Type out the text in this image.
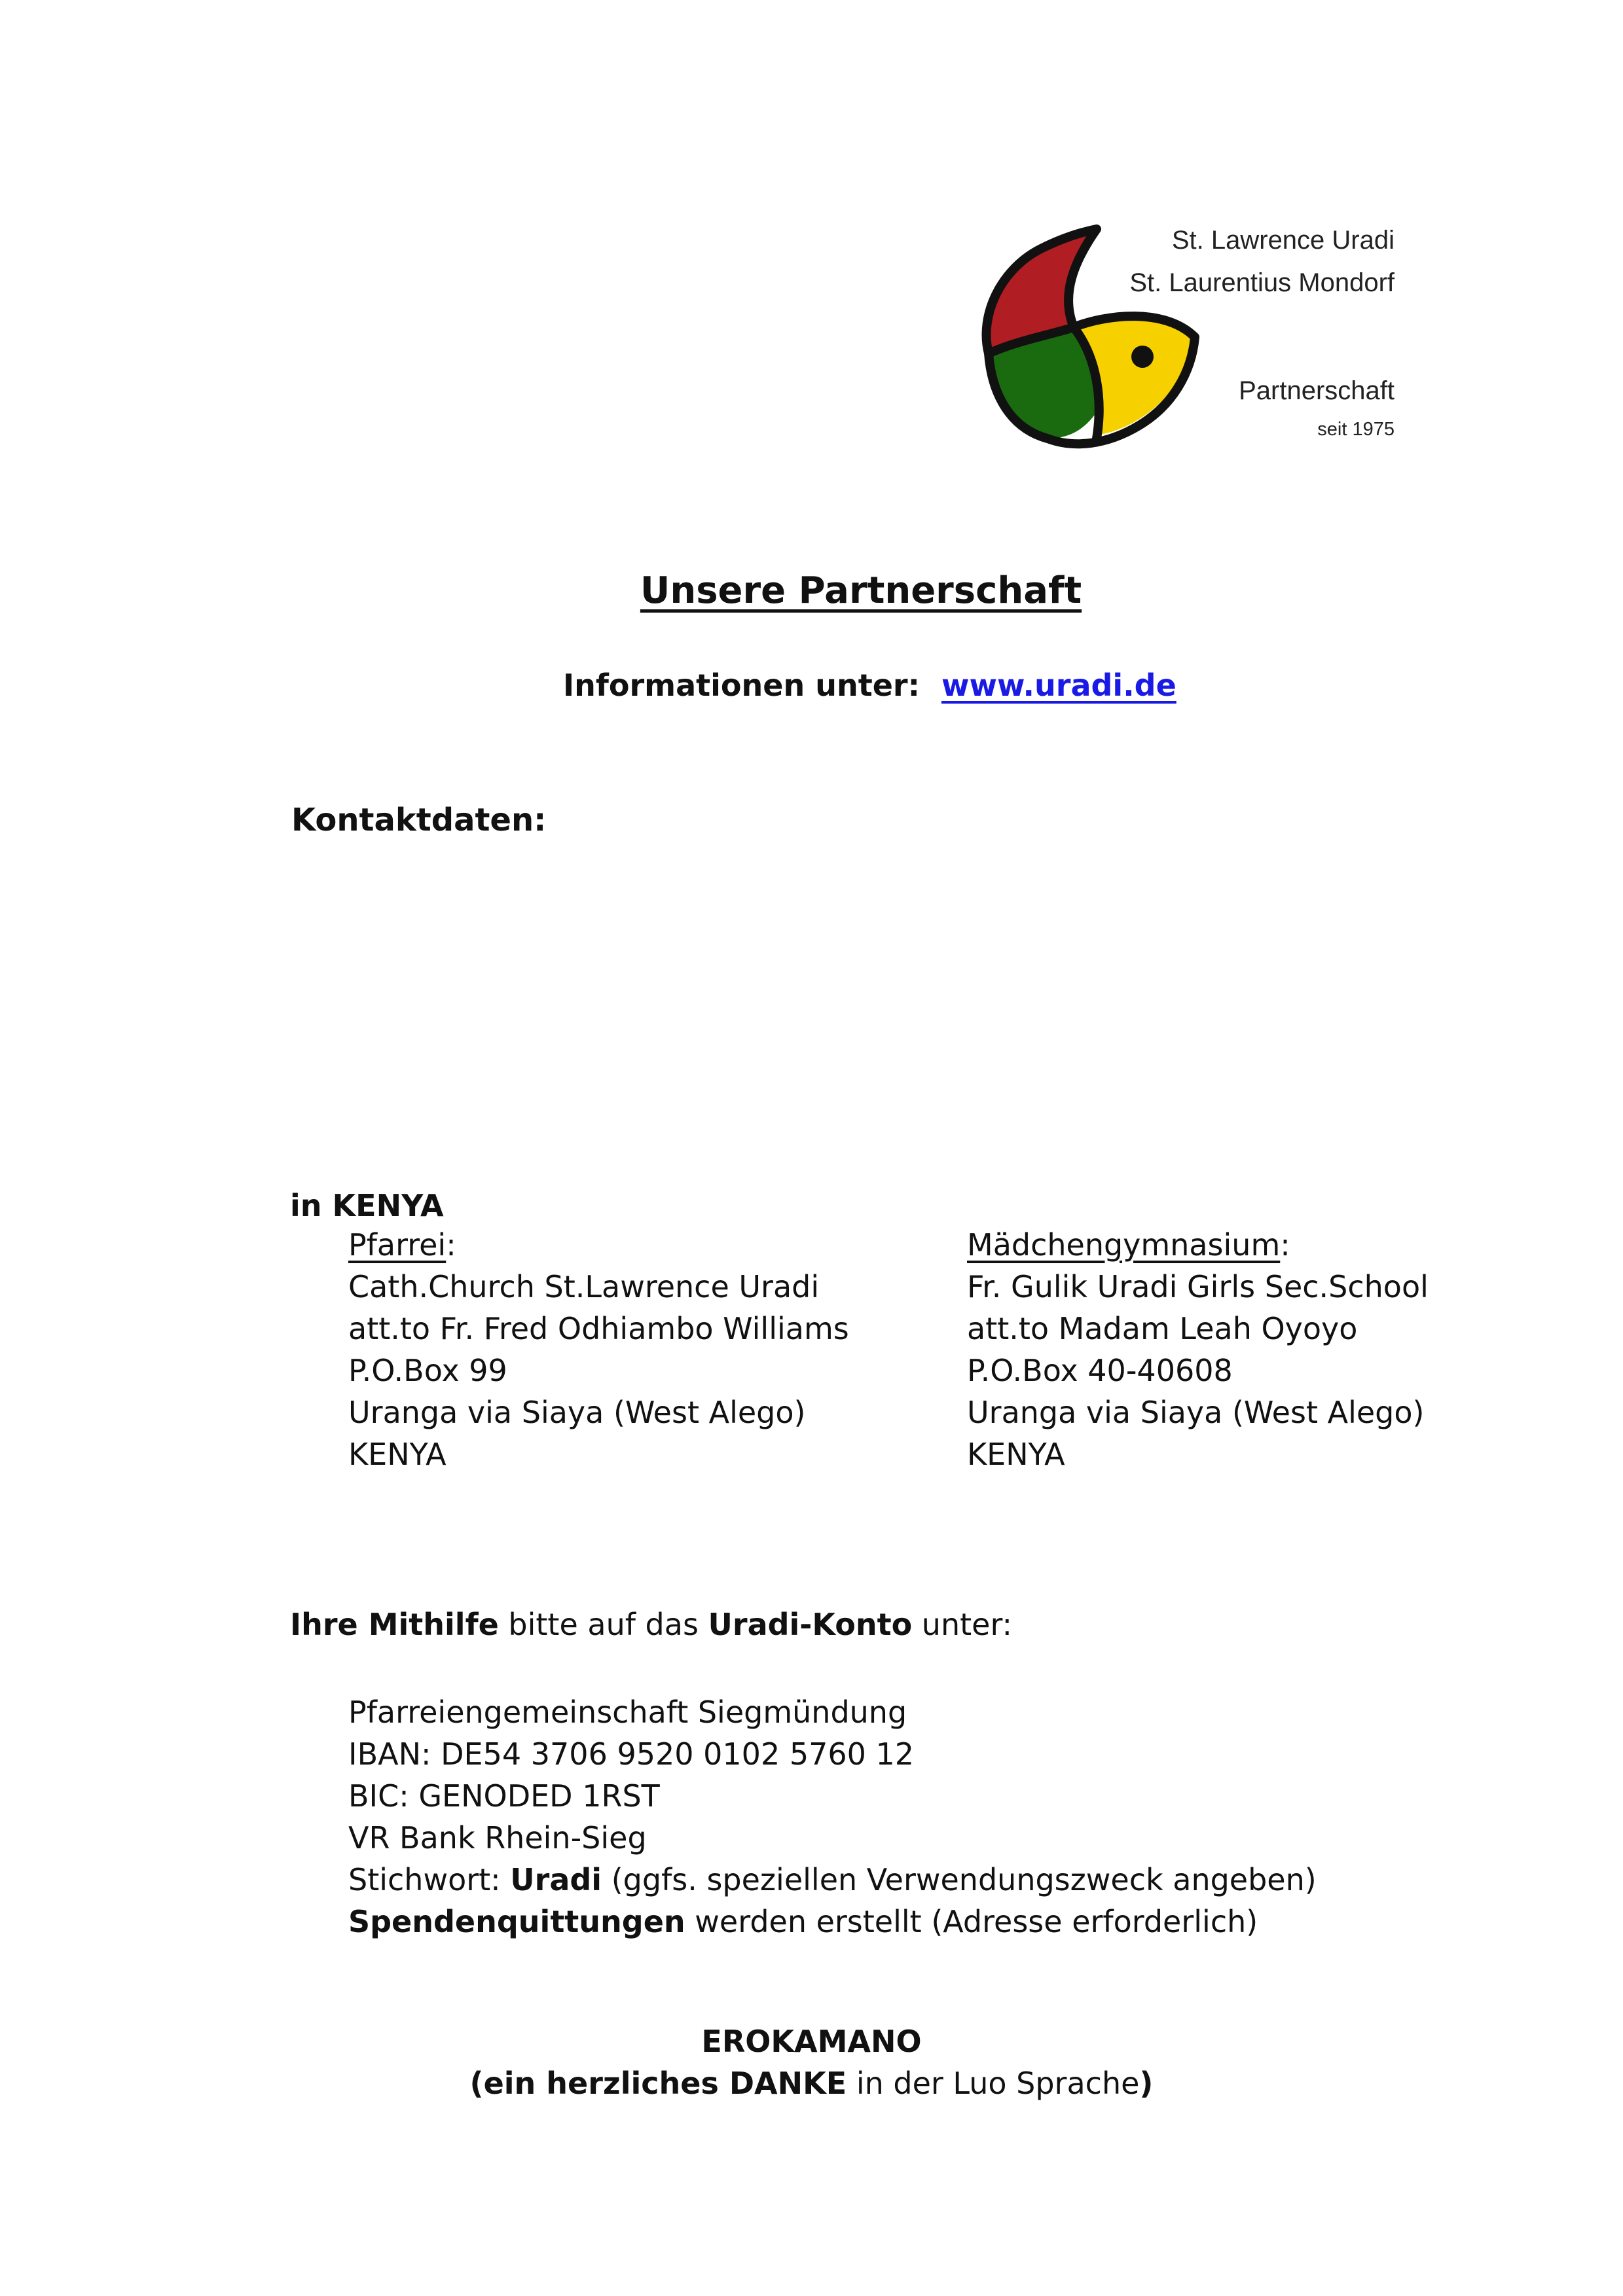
St. Lawrence Uradi
St. Laurentius Mondorf
Partnerschaft
seit 1975
Unsere Partnerschaft
Informationen unter: www.uradi.de
Kontaktdaten:
in KENYA
Pfarrei:
Cath.Church St.Lawrence Uradi
att.to Fr. Fred Odhiambo Williams
P.O.Box 99
Uranga via Siaya (West Alego)
KENYA
Mädchengymnasium:
Fr. Gulik Uradi Girls Sec.School
att.to Madam Leah Oyoyo
P.O.Box 40-40608
Uranga via Siaya (West Alego)
KENYA
Ihre Mithilfe bitte auf das Uradi-Konto unter:
Pfarreiengemeinschaft Siegmündung
IBAN: DE54 3706 9520 0102 5760 12
BIC: GENODED 1RST
VR Bank Rhein-Sieg
Stichwort: Uradi (ggfs. speziellen Verwendungszweck angeben)
Spendenquittungen werden erstellt (Adresse erforderlich)
EROKAMANO
(ein herzliches DANKE in der Luo Sprache)
